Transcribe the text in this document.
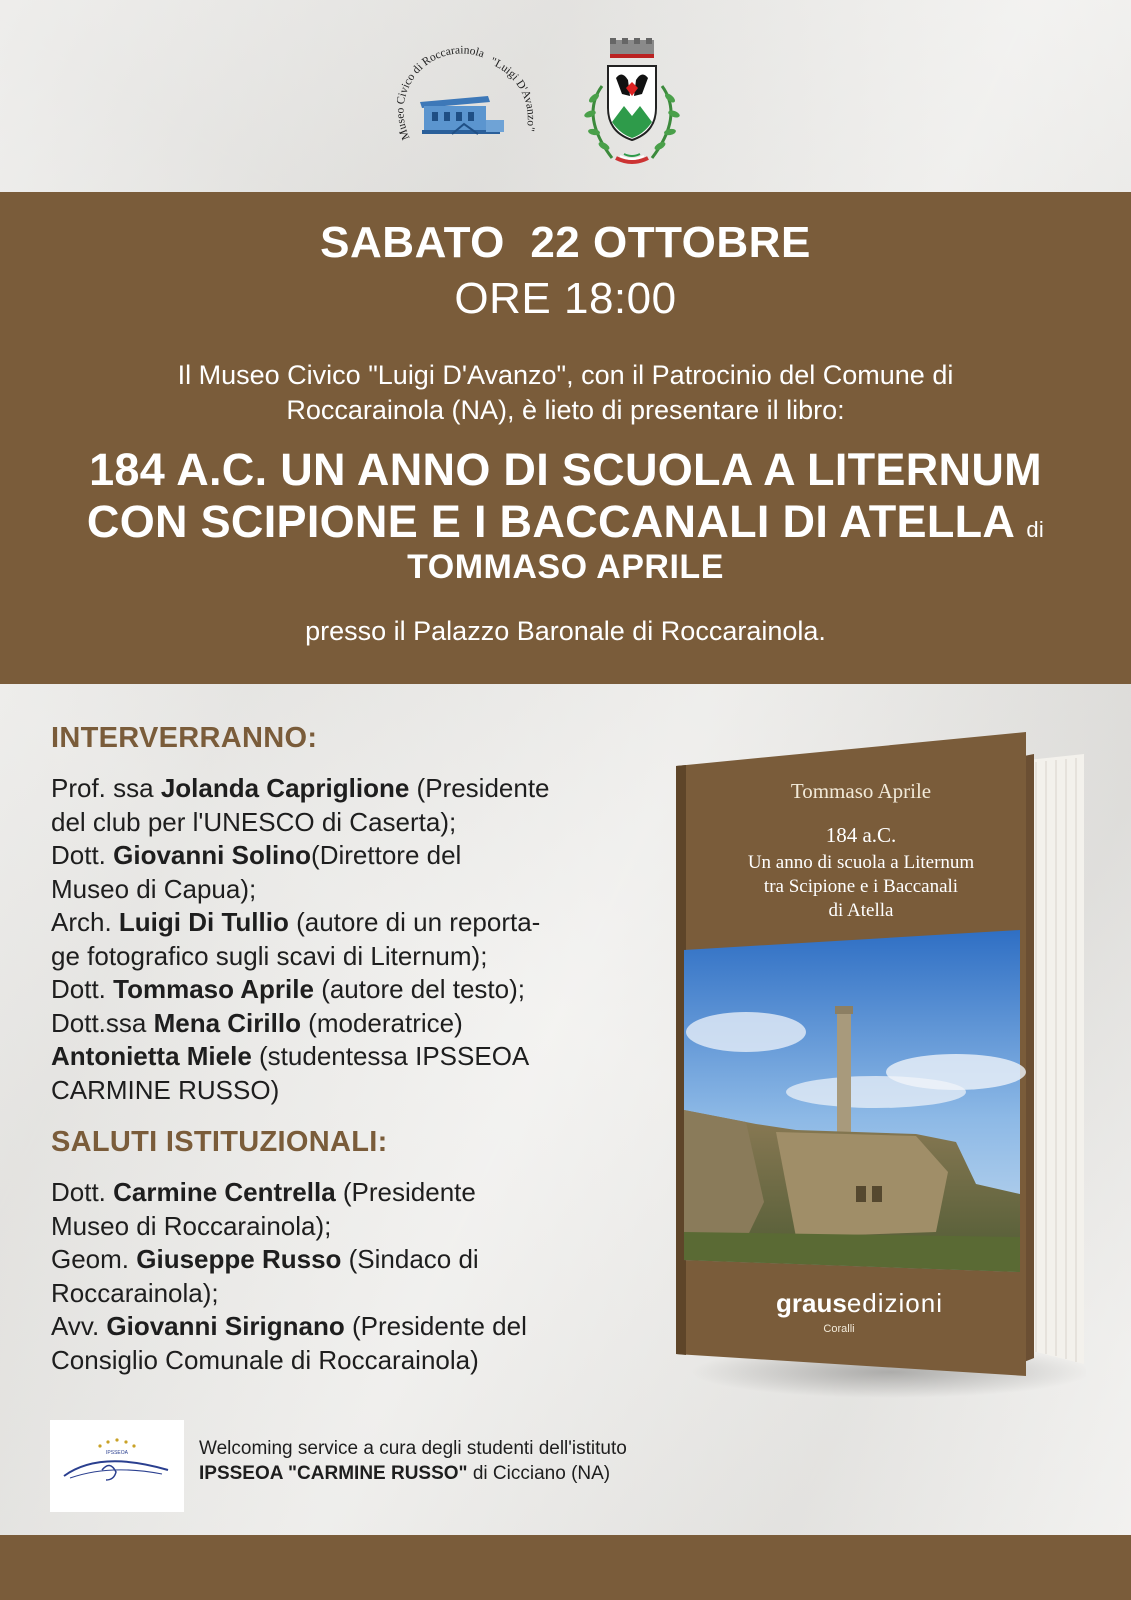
Museo Civico di Roccarainola
"Luigi D'Avanzo"
SABATO  22 OTTOBRE
ORE 18:00
Il Museo Civico "Luigi D'Avanzo", con il Patrocinio del Comune di
Roccarainola (NA), è lieto di presentare il libro:
184 A.C. UN ANNO DI SCUOLA A LITERNUM
CON SCIPIONE E I BACCANALI DI ATELLA di
TOMMASO APRILE
presso il Palazzo Baronale di Roccarainola.
INTERVERRANNO:
Prof. ssa Jolanda Capriglione (Presidente
del club per l'UNESCO di Caserta);
Dott. Giovanni Solino(Direttore del
Museo di Capua);
Arch. Luigi Di Tullio (autore di un reporta-
ge fotografico sugli scavi di Liternum);
Dott. Tommaso Aprile (autore del testo);
Dott.ssa Mena Cirillo (moderatrice)
Antonietta Miele (studentessa IPSSEOA
CARMINE RUSSO)
SALUTI ISTITUZIONALI:
Dott. Carmine Centrella (Presidente
Museo di Roccarainola);
Geom. Giuseppe Russo (Sindaco di
Roccarainola);
Avv. Giovanni Sirignano (Presidente del
Consiglio Comunale di Roccarainola)
Tommaso Aprile
184 a.C.
Un anno di scuola a Liternum
tra Scipione e i Baccanali
di Atella
grausedizioni
Coralli
IPSSEOA	Welcoming service a cura degli studenti dell'istituto
IPSSEOA "CARMINE RUSSO" di Cicciano (NA)
